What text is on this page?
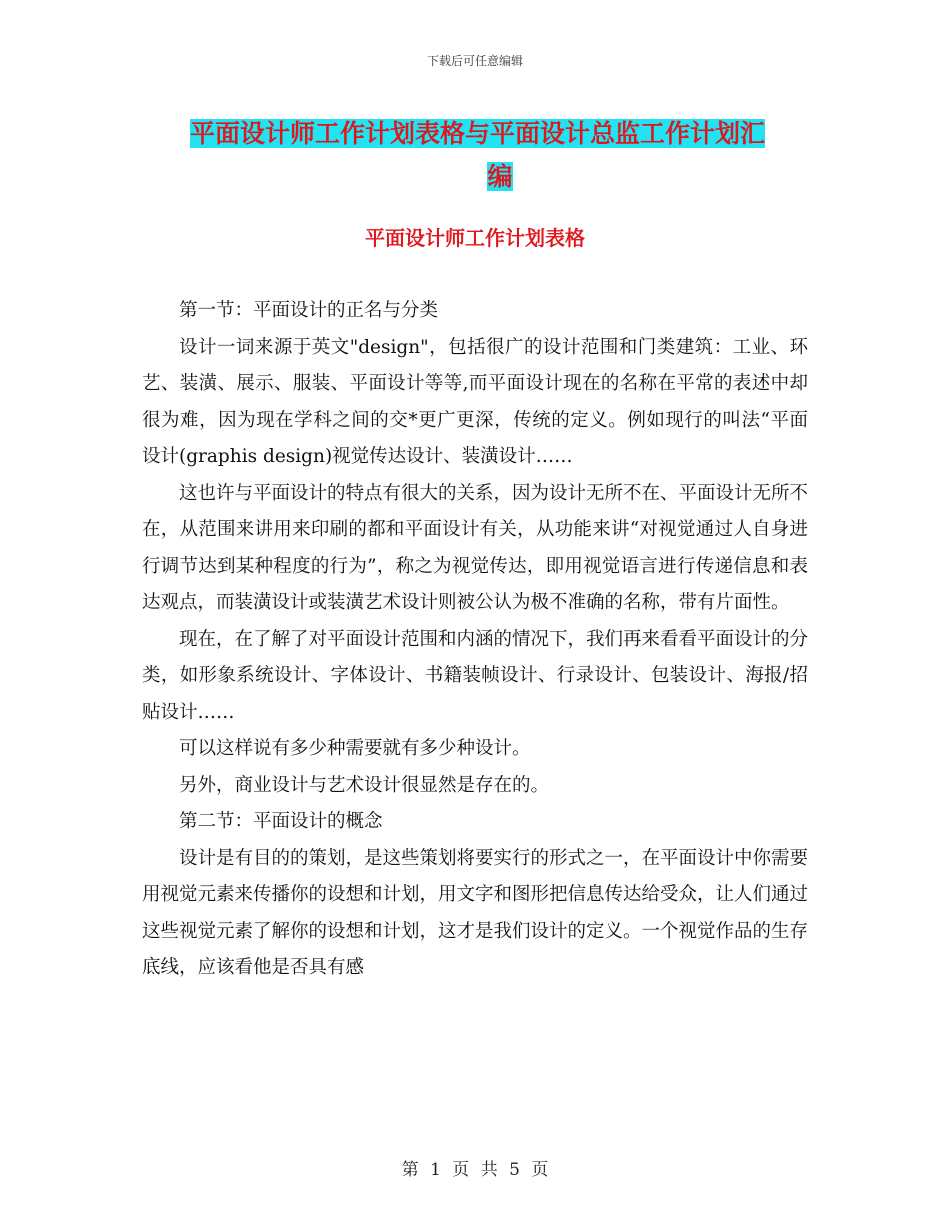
下载后可任意编辑
平面设计师工作计划表格与平面设计总监工作计划汇
编
平面设计师工作计划表格

第一节：平面设计的正名与分类

设计一词来源于英文"design"，包括很广的设计范围和门类建筑：工业、环艺、装潢、展示、服装、平面设计等等,而平面设计现在的名称在平常的表述中却很为难，因为现在学科之间的交*更广更深，传统的定义。例如现行的叫法“平面设计(graphis design)视觉传达设计、装潢设计……

这也许与平面设计的特点有很大的关系，因为设计无所不在、平面设计无所不在，从范围来讲用来印刷的都和平面设计有关，从功能来讲“对视觉通过人自身进行调节达到某种程度的行为”，称之为视觉传达，即用视觉语言进行传递信息和表达观点，而装潢设计或装潢艺术设计则被公认为极不准确的名称，带有片面性。

现在，在了解了对平面设计范围和内涵的情况下，我们再来看看平面设计的分类，如形象系统设计、字体设计、书籍装帧设计、行录设计、包装设计、海报/招贴设计……

可以这样说有多少种需要就有多少种设计。

另外，商业设计与艺术设计很显然是存在的。

第二节：平面设计的概念

设计是有目的的策划，是这些策划将要实行的形式之一，在平面设计中你需要用视觉元素来传播你的设想和计划，用文字和图形把信息传达给受众，让人们通过这些视觉元素了解你的设想和计划，这才是我们设计的定义。一个视觉作品的生存底线，应该看他是否具有感

第 1 页 共 5 页
